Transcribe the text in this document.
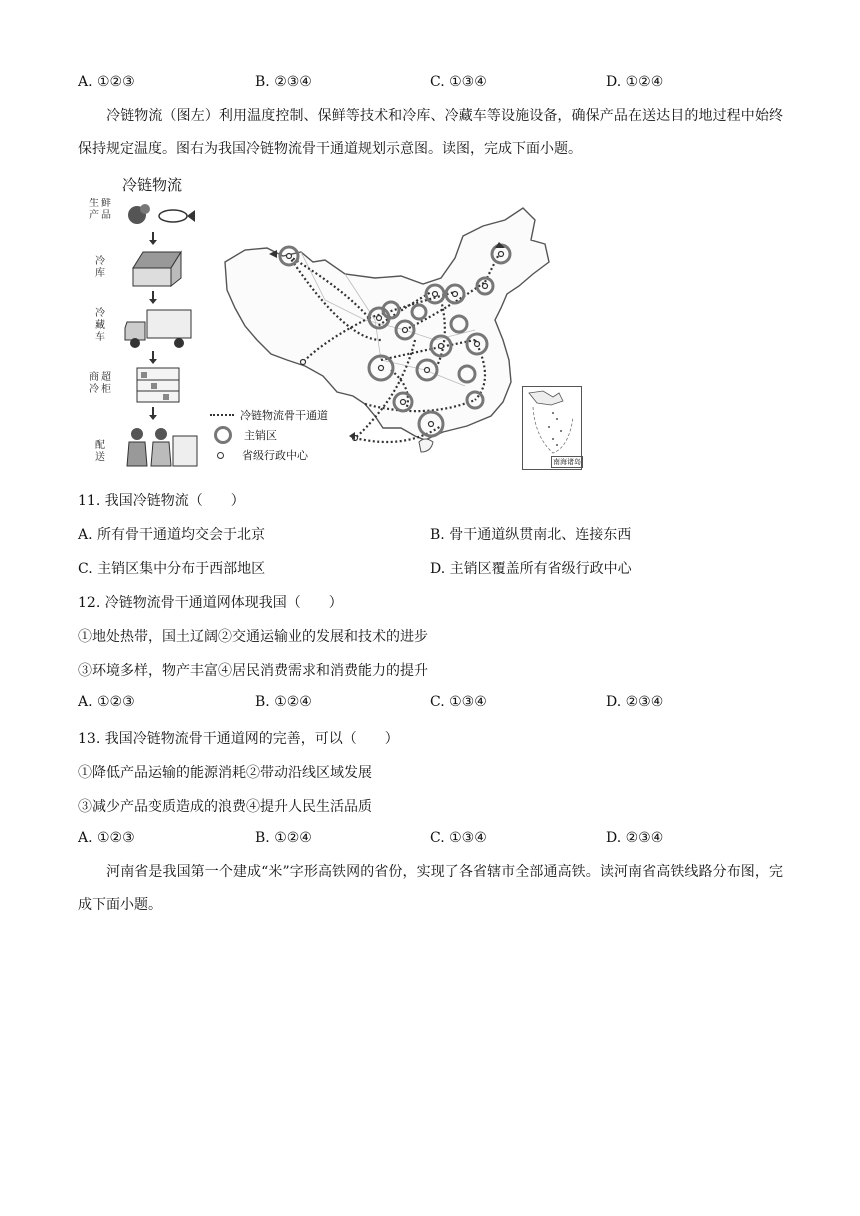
A. ①②③	B. ②③④	C. ①③④	D. ①②④
冷链物流（图左）利用温度控制、保鲜等技术和冷库、冷藏车等设施设备，确保产品在送达目的地过程中始终保持规定温度。图右为我国冷链物流骨干通道规划示意图。读图，完成下面小题。
冷链物流
生
产
鲜
品
冷
库
冷
藏
车
商
冷
超
柜
配
送
冷链物流骨干通道
主销区
省级行政中心	南海诸岛
11. 我国冷链物流（　　）
A. 所有骨干通道均交会于北京	B. 骨干通道纵贯南北、连接东西
C. 主销区集中分布于西部地区	D. 主销区覆盖所有省级行政中心
12. 冷链物流骨干通道网体现我国（　　）
①地处热带，国土辽阔②交通运输业的发展和技术的进步
③环境多样，物产丰富④居民消费需求和消费能力的提升
A. ①②③	B. ①②④	C. ①③④	D. ②③④
13. 我国冷链物流骨干通道网的完善，可以（　　）
①降低产品运输的能源消耗②带动沿线区域发展
③减少产品变质造成的浪费④提升人民生活品质
A. ①②③	B. ①②④	C. ①③④	D. ②③④
河南省是我国第一个建成“米”字形高铁网的省份，实现了各省辖市全部通高铁。读河南省高铁线路分布图，完成下面小题。
